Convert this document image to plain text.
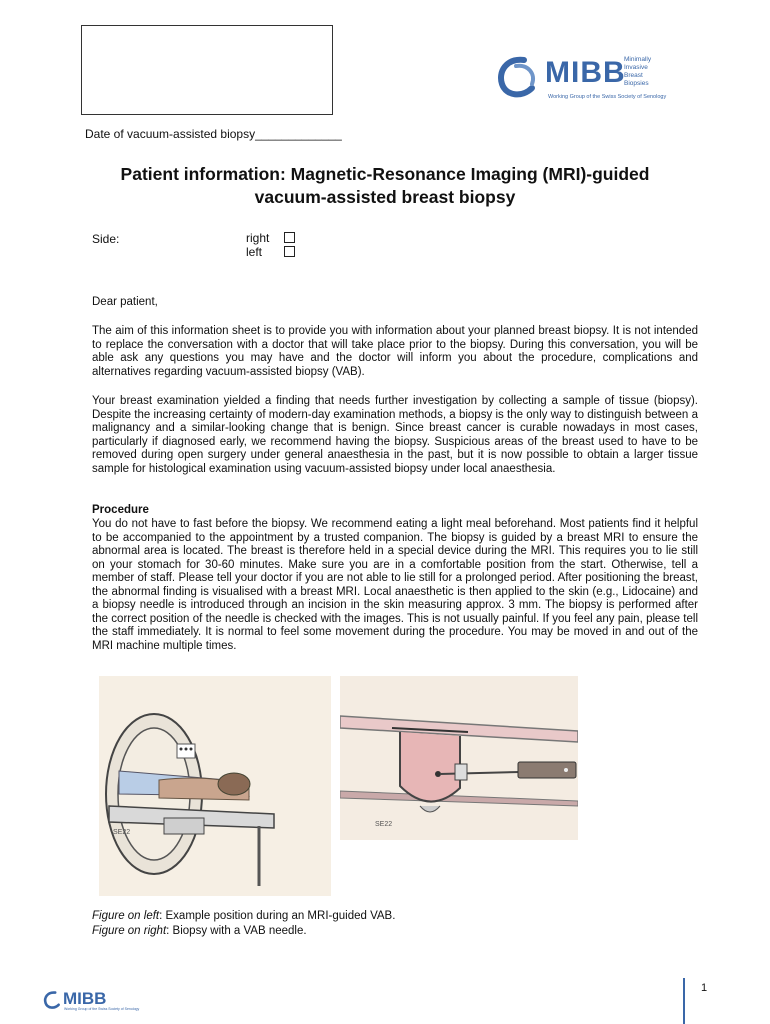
MIBB
Minimally
Invasive
Breast
Biopsies
Working Group of the Swiss Society of Senology
Date of vacuum-assisted biopsy_____________
Patient information: Magnetic-Resonance Imaging (MRI)-guided
vacuum-assisted breast biopsy
Side:	right
left
Dear patient,
The aim of this information sheet is to provide you with information about your planned breast biopsy. It is not intended to replace the conversation with a doctor that will take place prior to the biopsy. During this conversation, you will be able ask any questions you may have and the doctor will inform you about the procedure, complications and alternatives regarding vacuum-assisted biopsy (VAB).
Your breast examination yielded a finding that needs further investigation by collecting a sample of tissue (biopsy). Despite the increasing certainty of modern-day examination methods, a biopsy is the only way to distinguish between a malignancy and a similar-looking change that is benign. Since breast cancer is curable nowadays in most cases, particularly if diagnosed early, we recommend having the biopsy. Suspicious areas of the breast used to have to be removed during open surgery under general anaesthesia in the past, but it is now possible to obtain a larger tissue sample for histological examination using vacuum-assisted biopsy under local anaesthesia.
Procedure
You do not have to fast before the biopsy. We recommend eating a light meal beforehand. Most patients find it helpful to be accompanied to the appointment by a trusted companion. The biopsy is guided by a breast MRI to ensure the abnormal area is located. The breast is therefore held in a special device during the MRI. This requires you to lie still on your stomach for 30-60 minutes. Make sure you are in a comfortable position from the start. Otherwise, tell a member of staff. Please tell your doctor if you are not able to lie still for a prolonged period. After positioning the breast, the abnormal finding is visualised with a breast MRI. Local anaesthetic is then applied to the skin (e.g., Lidocaine) and a biopsy needle is introduced through an incision in the skin measuring approx. 3 mm. The biopsy is performed after the correct position of the needle is checked with the images. This is not usually painful. If you feel any pain, please tell the staff immediately. It is normal to feel some movement during the procedure. You may be moved in and out of the MRI machine multiple times.
SE22
SE22
Figure on left: Example position during an MRI-guided VAB.
Figure on right: Biopsy with a VAB needle.
MIBB
Working Group of the Swiss Society of Senology
1
